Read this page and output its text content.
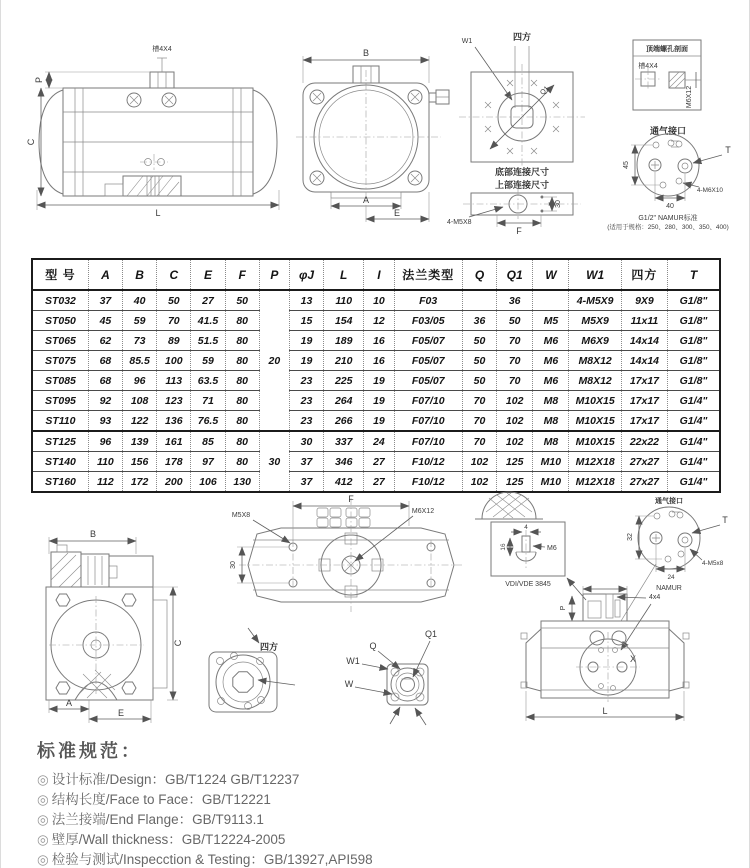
槽4X4
P
C
L
B
A
E
四方
W1
Q1
底部连接尺寸
上部连接尺寸
30
F
4-M5X8
顶端螺孔剖面
槽4X4
M6X12
通气接口
45
T
4-M6X10
40
G1/2" NAMUR标准
(适用于规格：250、280、300、350、400)
型 号	A	B	C	E	F	P	φJ	L	I	法兰类型	Q	Q1	W	W1	四方	T
ST032	37	40	50	27	50	20	13	110	10	F03		36		4-M5X9	9X9	G1/8"
ST050	45	59	70	41.5	80		15	154	12	F03/05	36	50	M5	M5X9	11x11	G1/8"
ST065	62	73	89	51.5	80		19	189	16	F05/07	50	70	M6	M6X9	14x14	G1/8"
ST075	68	85.5	100	59	80		19	210	16	F05/07	50	70	M6	M8X12	14x14	G1/8"
ST085	68	96	113	63.5	80		23	225	19	F05/07	50	70	M6	M8X12	17x17	G1/8"
ST095	92	108	123	71	80		23	264	19	F07/10	70	102	M8	M10X15	17x17	G1/4"
ST110	93	122	136	76.5	80		23	266	19	F07/10	70	102	M8	M10X15	17x17	G1/4"
ST125	96	139	161	85	80	30	30	337	24	F07/10	70	102	M8	M10X15	22x22	G1/4"
ST140	110	156	178	97	80		37	346	27	F10/12	102	125	M10	M12X18	27x27	G1/4"
ST160	112	172	200	106	130		37	412	27	F10/12	102	125	M10	M12X18	27x27	G1/4"
B
C
A
E
F
M5X8
M6X12
30
4
16	M6
VDI/VDE 3845
通气接口
32
24
T
4-M5x8
NAMUR
四方	Q
Q1
W1
W
4x4
X
P
L
标准规范：
◎ 设计标准/Design：GB/T1224 GB/T12237
◎ 结构长度/Face to Face：GB/T12221
◎ 法兰接端/End Flange：GB/T9113.1
◎ 壁厚/Wall thickness：GB/T12224-2005
◎ 检验与测试/Inspecction & Testing：GB/13927,API598
